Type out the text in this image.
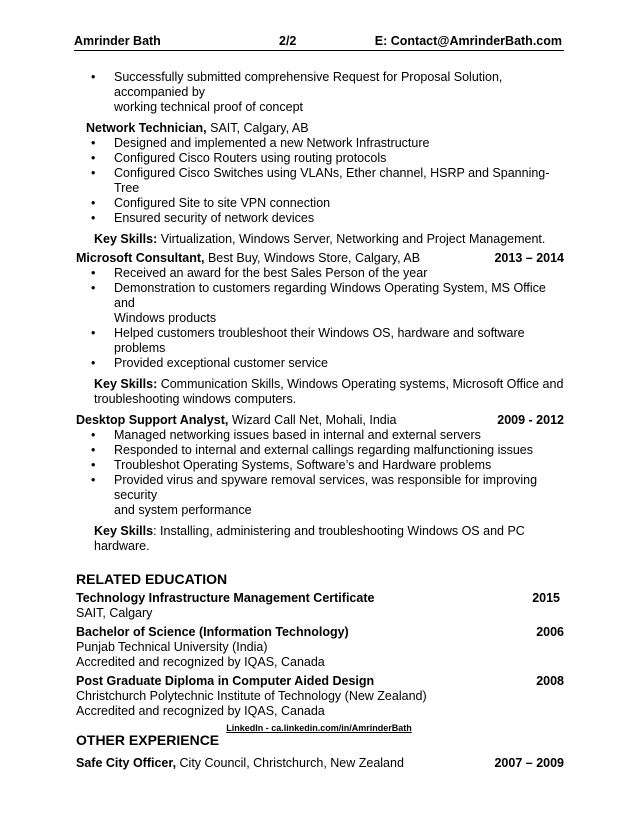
Amrinder Bath	2/2	E: Contact@AmrinderBath.com
• Successfully submitted comprehensive Request for Proposal Solution, accompanied by
working technical proof of concept
Network Technician, SAIT, Calgary, AB
• Designed and implemented a new Network Infrastructure
• Configured Cisco Routers using routing protocols
• Configured Cisco Switches using VLANs, Ether channel, HSRP and Spanning-Tree
• Configured Site to site VPN connection
• Ensured security of network devices
Key Skills: Virtualization, Windows Server, Networking and Project Management.
Microsoft Consultant, Best Buy, Windows Store, Calgary, AB	2013 – 2014
• Received an award for the best Sales Person of the year
• Demonstration to customers regarding Windows Operating System, MS Office and
Windows products
• Helped customers troubleshoot their Windows OS, hardware and software problems
• Provided exceptional customer service
Key Skills: Communication Skills, Windows Operating systems, Microsoft Office and
troubleshooting windows computers.
Desktop Support Analyst, Wizard Call Net, Mohali, India	2009 - 2012
• Managed networking issues based in internal and external servers
• Responded to internal and external callings regarding malfunctioning issues
• Troubleshot Operating Systems, Software’s and Hardware problems
• Provided virus and spyware removal services, was responsible for improving security
and system performance
Key Skills: Installing, administering and troubleshooting Windows OS and PC hardware.
RELATED EDUCATION
Technology Infrastructure Management Certificate	2015
SAIT, Calgary
Bachelor of Science (Information Technology)	2006
Punjab Technical University (India)
Accredited and recognized by IQAS, Canada
Post Graduate Diploma in Computer Aided Design	2008
Christchurch Polytechnic Institute of Technology (New Zealand)
Accredited and recognized by IQAS, Canada
OTHER EXPERIENCE
Safe City Officer, City Council, Christchurch, New Zealand	2007 – 2009
LinkedIn - ca.linkedin.com/in/AmrinderBath
